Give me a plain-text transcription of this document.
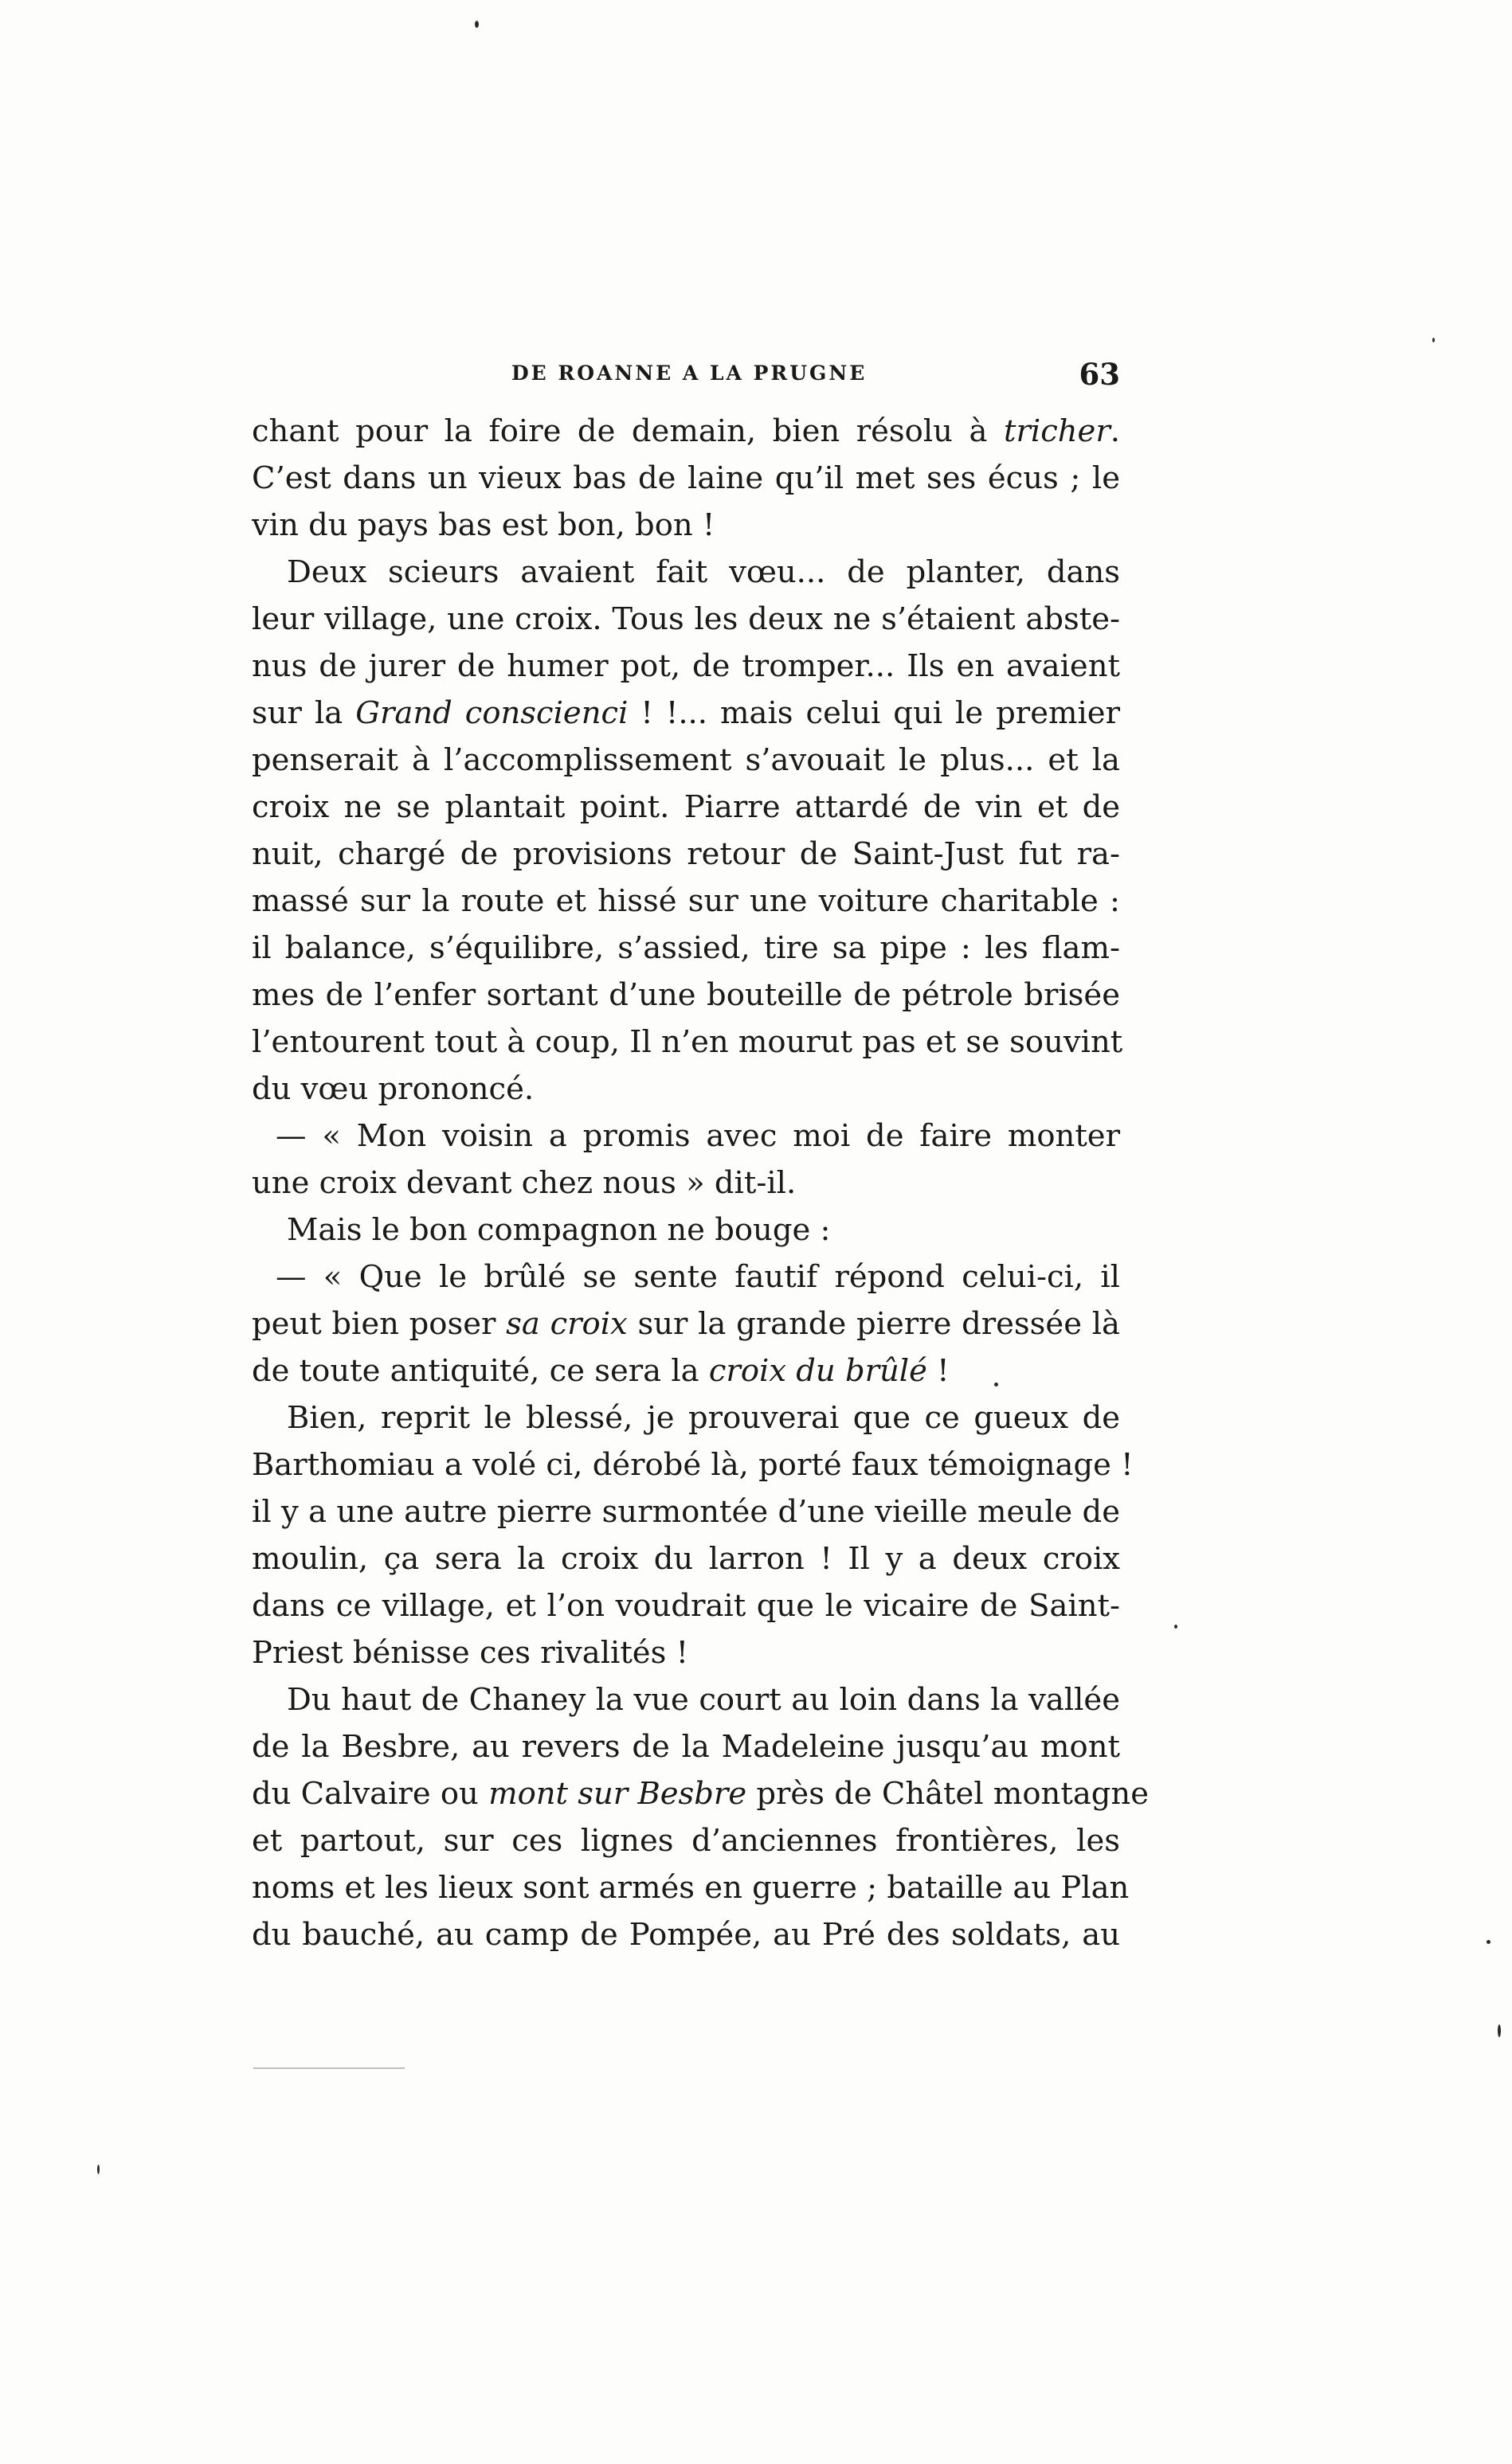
DE ROANNE A LA PRUGNE	63
chant pour la foire de demain, bien résolu à tricher.
C’est dans un vieux bas de laine qu’il met ses écus ; le
vin du pays bas est bon, bon !
Deux scieurs avaient fait vœu... de planter, dans
leur village, une croix. Tous les deux ne s’étaient abste-
nus de jurer de humer pot, de tromper... Ils en avaient
sur la Grand conscienci ! !... mais celui qui le premier
penserait à l’accomplissement s’avouait le plus... et la
croix ne se plantait point. Piarre attardé de vin et de
nuit, chargé de provisions retour de Saint-Just fut ra-
massé sur la route et hissé sur une voiture charitable :
il balance, s’équilibre, s’assied, tire sa pipe : les flam-
mes de l’enfer sortant d’une bouteille de pétrole brisée
l’entourent tout à coup, Il n’en mourut pas et se souvint
du vœu prononcé.
— « Mon voisin a promis avec moi de faire monter
une croix devant chez nous » dit-il.
Mais le bon compagnon ne bouge :
— « Que le brûlé se sente fautif répond celui-ci, il
peut bien poser sa croix sur la grande pierre dressée là
de toute antiquité, ce sera la croix du brûlé !
Bien, reprit le blessé, je prouverai que ce gueux de
Barthomiau a volé ci, dérobé là, porté faux témoignage !
il y a une autre pierre surmontée d’une vieille meule de
moulin, ça sera la croix du larron ! Il y a deux croix
dans ce village, et l’on voudrait que le vicaire de Saint-
Priest bénisse ces rivalités !
Du haut de Chaney la vue court au loin dans la vallée
de la Besbre, au revers de la Madeleine jusqu’au mont
du Calvaire ou mont sur Besbre près de Châtel montagne
et partout, sur ces lignes d’anciennes frontières, les
noms et les lieux sont armés en guerre ; bataille au Plan
du bauché, au camp de Pompée, au Pré des soldats, au
